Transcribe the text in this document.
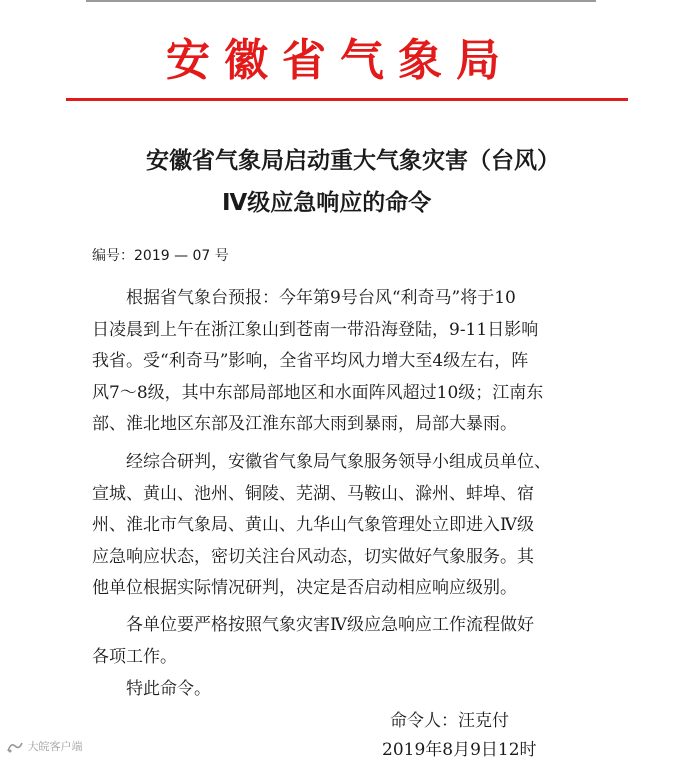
安徽省气象局
安徽省气象局启动重大气象灾害（台风）
Ⅳ级应急响应的命令
编号：2019 — 07 号

　　根据省气象台预报：今年第9号台风“利奇马”将于10
日凌晨到上午在浙江象山到苍南一带沿海登陆，9-11日影响
我省。受“利奇马”影响，全省平均风力增大至4级左右，阵
风7～8级，其中东部局部地区和水面阵风超过10级；江南东
部、淮北地区东部及江淮东部大雨到暴雨，局部大暴雨。

　　经综合研判，安徽省气象局气象服务领导小组成员单位、
宣城、黄山、池州、铜陵、芜湖、马鞍山、滁州、蚌埠、宿
州、淮北市气象局、黄山、九华山气象管理处立即进入Ⅳ级
应急响应状态，密切关注台风动态，切实做好气象服务。其
他单位根据实际情况研判，决定是否启动相应响应级别。

　　各单位要严格按照气象灾害Ⅳ级应急响应工作流程做好
各项工作。

　　特此命令。

命令人：汪克付
2019年8月9日12时
大皖客户端
